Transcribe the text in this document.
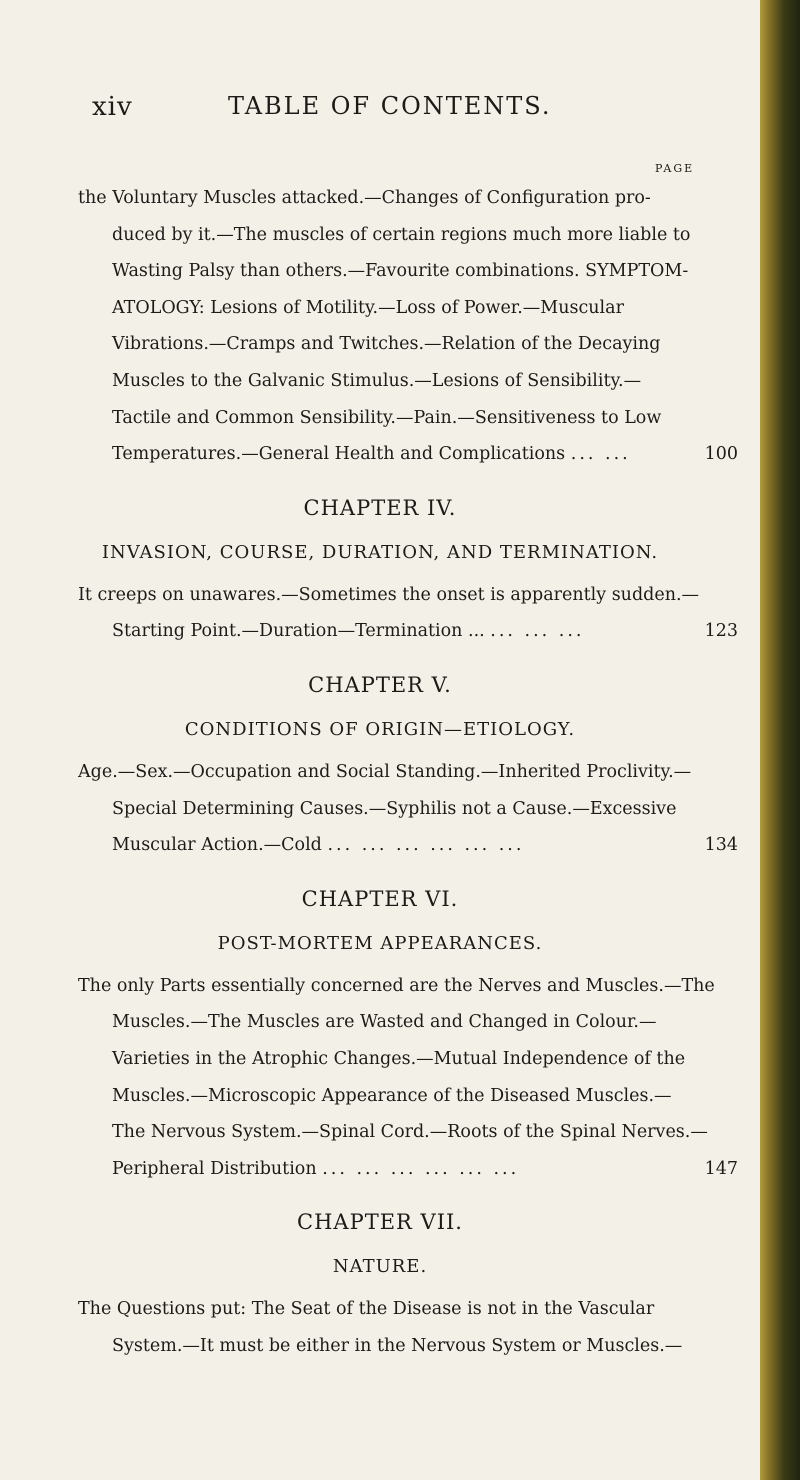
xiv	TABLE OF CONTENTS.
PAGE
the Voluntary Muscles attacked.—Changes of Configuration pro-
duced by it.—The muscles of certain regions much more liable to
Wasting Palsy than others.—Favourite combinations. SYMPTOM-
ATOLOGY: Lesions of Motility.—Loss of Power.—Muscular
Vibrations.—Cramps and Twitches.—Relation of the Decaying
Muscles to the Galvanic Stimulus.—Lesions of Sensibility.—
Tactile and Common Sensibility.—Pain.—Sensitiveness to Low
Temperatures.—General Health and Complications ... ...	100
CHAPTER IV.
INVASION, COURSE, DURATION, AND TERMINATION.
It creeps on unawares.—Sometimes the onset is apparently sudden.—
Starting Point.—Duration—Termination ... ... ... ...	123
CHAPTER V.
CONDITIONS OF ORIGIN—ETIOLOGY.
Age.—Sex.—Occupation and Social Standing.—Inherited Proclivity.—
Special Determining Causes.—Syphilis not a Cause.—Excessive
Muscular Action.—Cold ... ... ... ... ... ...	134
CHAPTER VI.
POST-MORTEM APPEARANCES.
The only Parts essentially concerned are the Nerves and Muscles.—The
Muscles.—The Muscles are Wasted and Changed in Colour.—
Varieties in the Atrophic Changes.—Mutual Independence of the
Muscles.—Microscopic Appearance of the Diseased Muscles.—
The Nervous System.—Spinal Cord.—Roots of the Spinal Nerves.—
Peripheral Distribution ... ... ... ... ... ...	147
CHAPTER VII.
NATURE.
The Questions put: The Seat of the Disease is not in the Vascular
System.—It must be either in the Nervous System or Muscles.—
